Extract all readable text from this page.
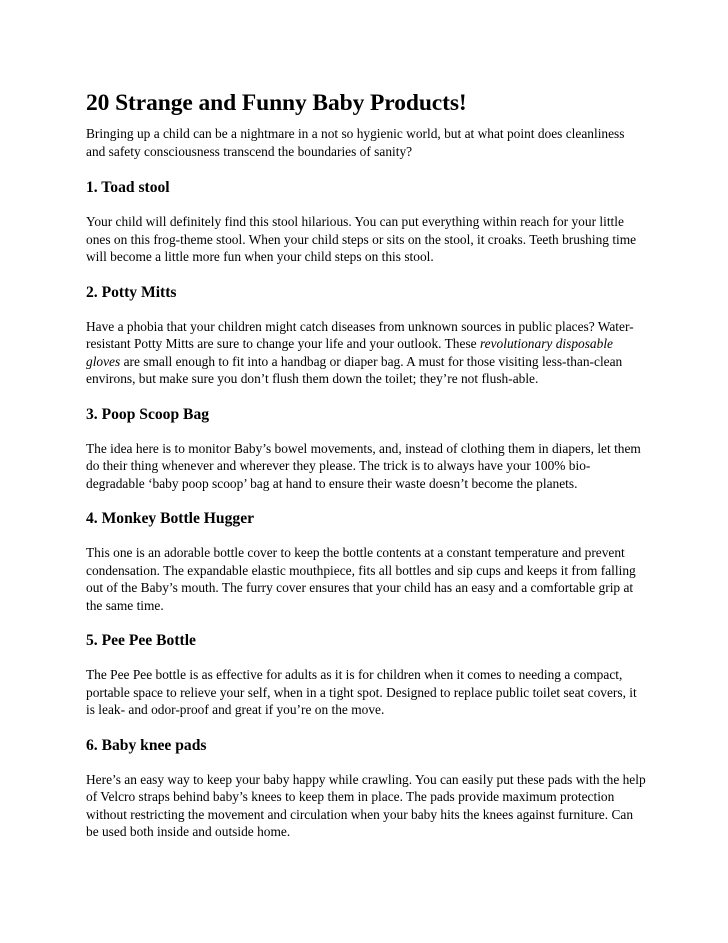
20 Strange and Funny Baby Products!

Bringing up a child can be a nightmare in a not so hygienic world, but at what point does cleanliness and safety consciousness transcend the boundaries of sanity?

1. Toad stool

Your child will definitely find this stool hilarious. You can put everything within reach for your little ones on this frog-theme stool. When your child steps or sits on the stool, it croaks. Teeth brushing time will become a little more fun when your child steps on this stool.

2. Potty Mitts

Have a phobia that your children might catch diseases from unknown sources in public places? Water-resistant Potty Mitts are sure to change your life and your outlook. These revolutionary disposable gloves are small enough to fit into a handbag or diaper bag. A must for those visiting less-than-clean environs, but make sure you don’t flush them down the toilet; they’re not flush-able.

3. Poop Scoop Bag

The idea here is to monitor Baby’s bowel movements, and, instead of clothing them in diapers, let them do their thing whenever and wherever they please. The trick is to always have your 100% bio-degradable ‘baby poop scoop’ bag at hand to ensure their waste doesn’t become the planets.

4. Monkey Bottle Hugger

This one is an adorable bottle cover to keep the bottle contents at a constant temperature and prevent condensation. The expandable elastic mouthpiece, fits all bottles and sip cups and keeps it from falling out of the Baby’s mouth. The furry cover ensures that your child has an easy and a comfortable grip at the same time.

5. Pee Pee Bottle

The Pee Pee bottle is as effective for adults as it is for children when it comes to needing a compact, portable space to relieve your self, when in a tight spot. Designed to replace public toilet seat covers, it is leak- and odor-proof and great if you’re on the move.

6. Baby knee pads

Here’s an easy way to keep your baby happy while crawling. You can easily put these pads with the help of Velcro straps behind baby’s knees to keep them in place. The pads provide maximum protection without restricting the movement and circulation when your baby hits the knees against furniture. Can be used both inside and outside home.
